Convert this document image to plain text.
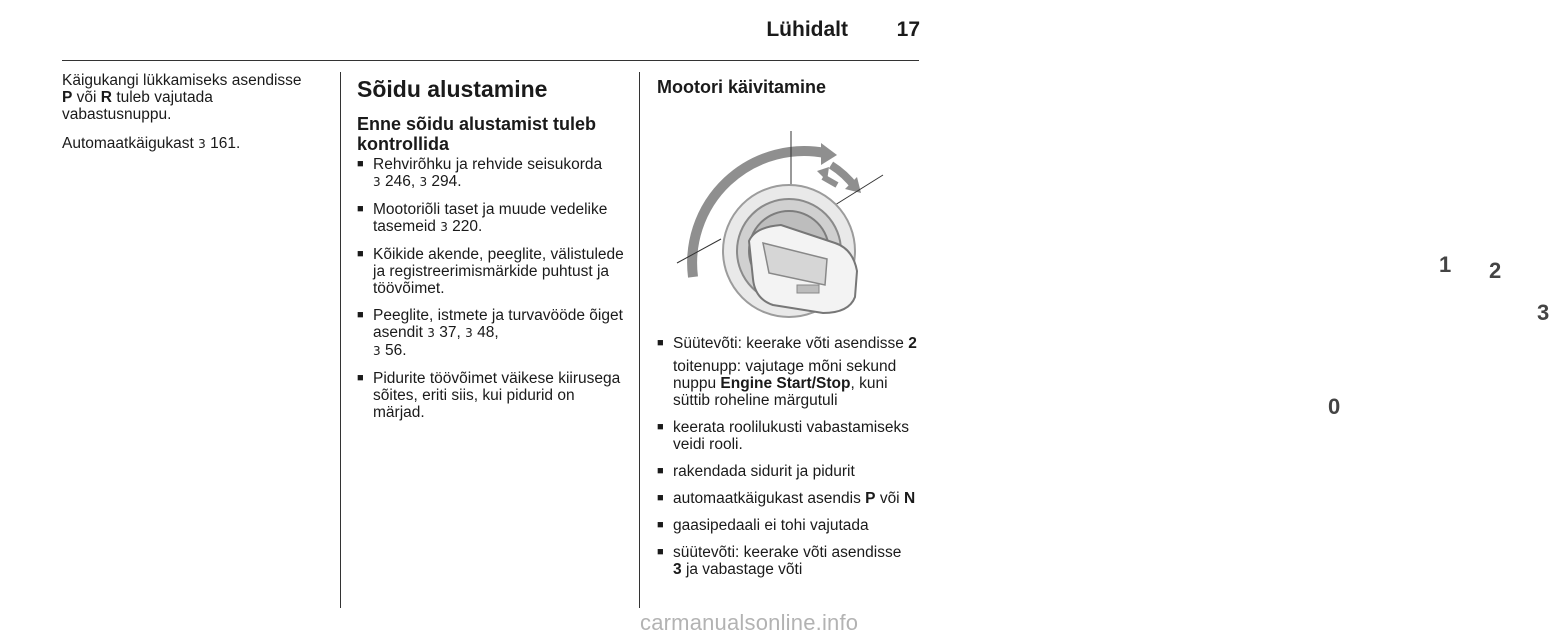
Lühidalt	17

Käigukangi lükkamiseks asendisse
P või R tuleb vajutada vabastusnuppu.

Automaatkäigukast 3 161.

Sõidu alustamine
Enne sõidu alustamist tuleb kontrollida
■ Rehvirõhku ja rehvide seisukorda
3 246, 3 294.
■ Mootoriõli taset ja muude vedelike tasemeid 3 220.
■ Kõikide akende, peeglite, välistulede ja registreerimismärkide puhtust ja töövõimet.
■ Peeglite, istmete ja turvavööde õiget asendit 3 37, 3 48,
3 56.
■ Pidurite töövõimet väikese kiirusega sõites, eriti siis, kui pidurid on märjad.
Mootori käivitamine
0
1 2
3
■ Süütevõti: keerake võti asendisse 2

toitenupp: vajutage mõni sekund nuppu Engine Start/Stop, kuni süttib roheline märgutuli
■ keerata roolilukusti vabastamiseks veidi rooli.
■ rakendada sidurit ja pidurit
■ automaatkäigukast asendis P või N
■ gaasipedaali ei tohi vajutada
■ süütevõti: keerake võti asendisse
3 ja vabastage võti
carmanualsonline.info
